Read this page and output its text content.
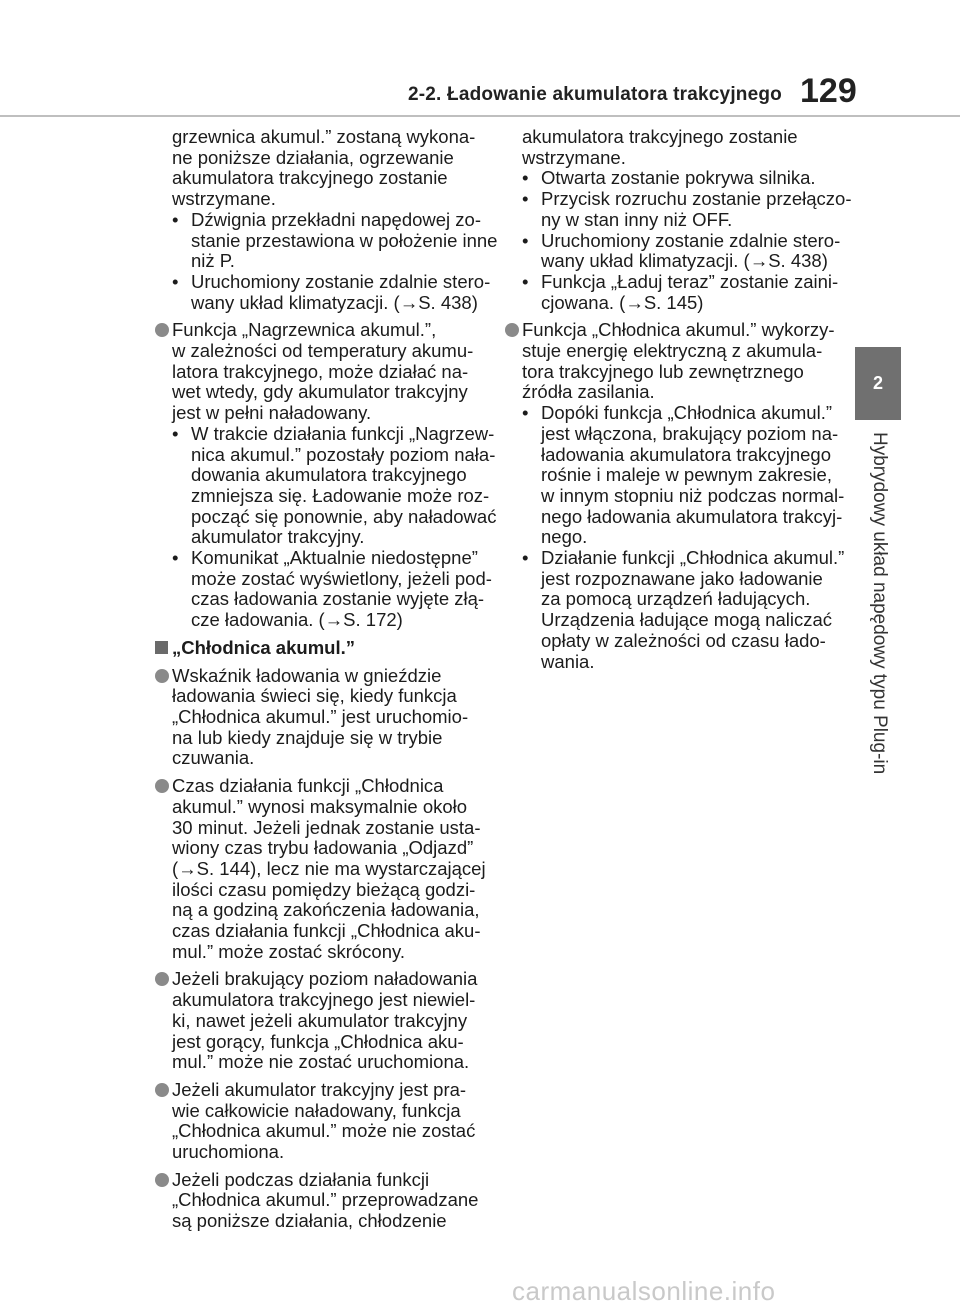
2-2. Ładowanie akumulatora trakcyjnego 129
2
Hybrydowy układ napędowy typu Plug-in
grzewnica akumul.” zostaną wykona-
ne poniższe działania, ogrzewanie
akumulatora trakcyjnego zostanie
wstrzymane.
• Dźwignia przekładni napędowej zo-
stanie przestawiona w położenie inne
niż P.
• Uruchomiony zostanie zdalnie stero-
wany układ klimatyzacji. (→S. 438)
Funkcja „Nagrzewnica akumul.”,
w zależności od temperatury akumu-
latora trakcyjnego, może działać na-
wet wtedy, gdy akumulator trakcyjny
jest w pełni naładowany.
• W trakcie działania funkcji „Nagrzew-
nica akumul.” pozostały poziom nała-
dowania akumulatora trakcyjnego
zmniejsza się. Ładowanie może roz-
począć się ponownie, aby naładować
akumulator trakcyjny.
• Komunikat „Aktualnie niedostępne”
może zostać wyświetlony, jeżeli pod-
czas ładowania zostanie wyjęte złą-
cze ładowania. (→S. 172)
„Chłodnica akumul.”
Wskaźnik ładowania w gnieździe
ładowania świeci się, kiedy funkcja
„Chłodnica akumul.” jest uruchomio-
na lub kiedy znajduje się w trybie
czuwania.
Czas działania funkcji „Chłodnica
akumul.” wynosi maksymalnie około
30 minut. Jeżeli jednak zostanie usta-
wiony czas trybu ładowania „Odjazd”
(→S. 144), lecz nie ma wystarczającej
ilości czasu pomiędzy bieżącą godzi-
ną a godziną zakończenia ładowania,
czas działania funkcji „Chłodnica aku-
mul.” może zostać skrócony.
Jeżeli brakujący poziom naładowania
akumulatora trakcyjnego jest niewiel-
ki, nawet jeżeli akumulator trakcyjny
jest gorący, funkcja „Chłodnica aku-
mul.” może nie zostać uruchomiona.
Jeżeli akumulator trakcyjny jest pra-
wie całkowicie naładowany, funkcja
„Chłodnica akumul.” może nie zostać
uruchomiona.
Jeżeli podczas działania funkcji
„Chłodnica akumul.” przeprowadzane
są poniższe działania, chłodzenie
akumulatora trakcyjnego zostanie
wstrzymane.
• Otwarta zostanie pokrywa silnika.
• Przycisk rozruchu zostanie przełączo-
ny w stan inny niż OFF.
• Uruchomiony zostanie zdalnie stero-
wany układ klimatyzacji. (→S. 438)
• Funkcja „Ładuj teraz” zostanie zaini-
cjowana. (→S. 145)
Funkcja „Chłodnica akumul.” wykorzy-
stuje energię elektryczną z akumula-
tora trakcyjnego lub zewnętrznego
źródła zasilania.
• Dopóki funkcja „Chłodnica akumul.”
jest włączona, brakujący poziom na-
ładowania akumulatora trakcyjnego
rośnie i maleje w pewnym zakresie,
w innym stopniu niż podczas normal-
nego ładowania akumulatora trakcyj-
nego.
• Działanie funkcji „Chłodnica akumul.”
jest rozpoznawane jako ładowanie
za pomocą urządzeń ładujących.
Urządzenia ładujące mogą naliczać
opłaty w zależności od czasu łado-
wania.
carmanualsonline.info
